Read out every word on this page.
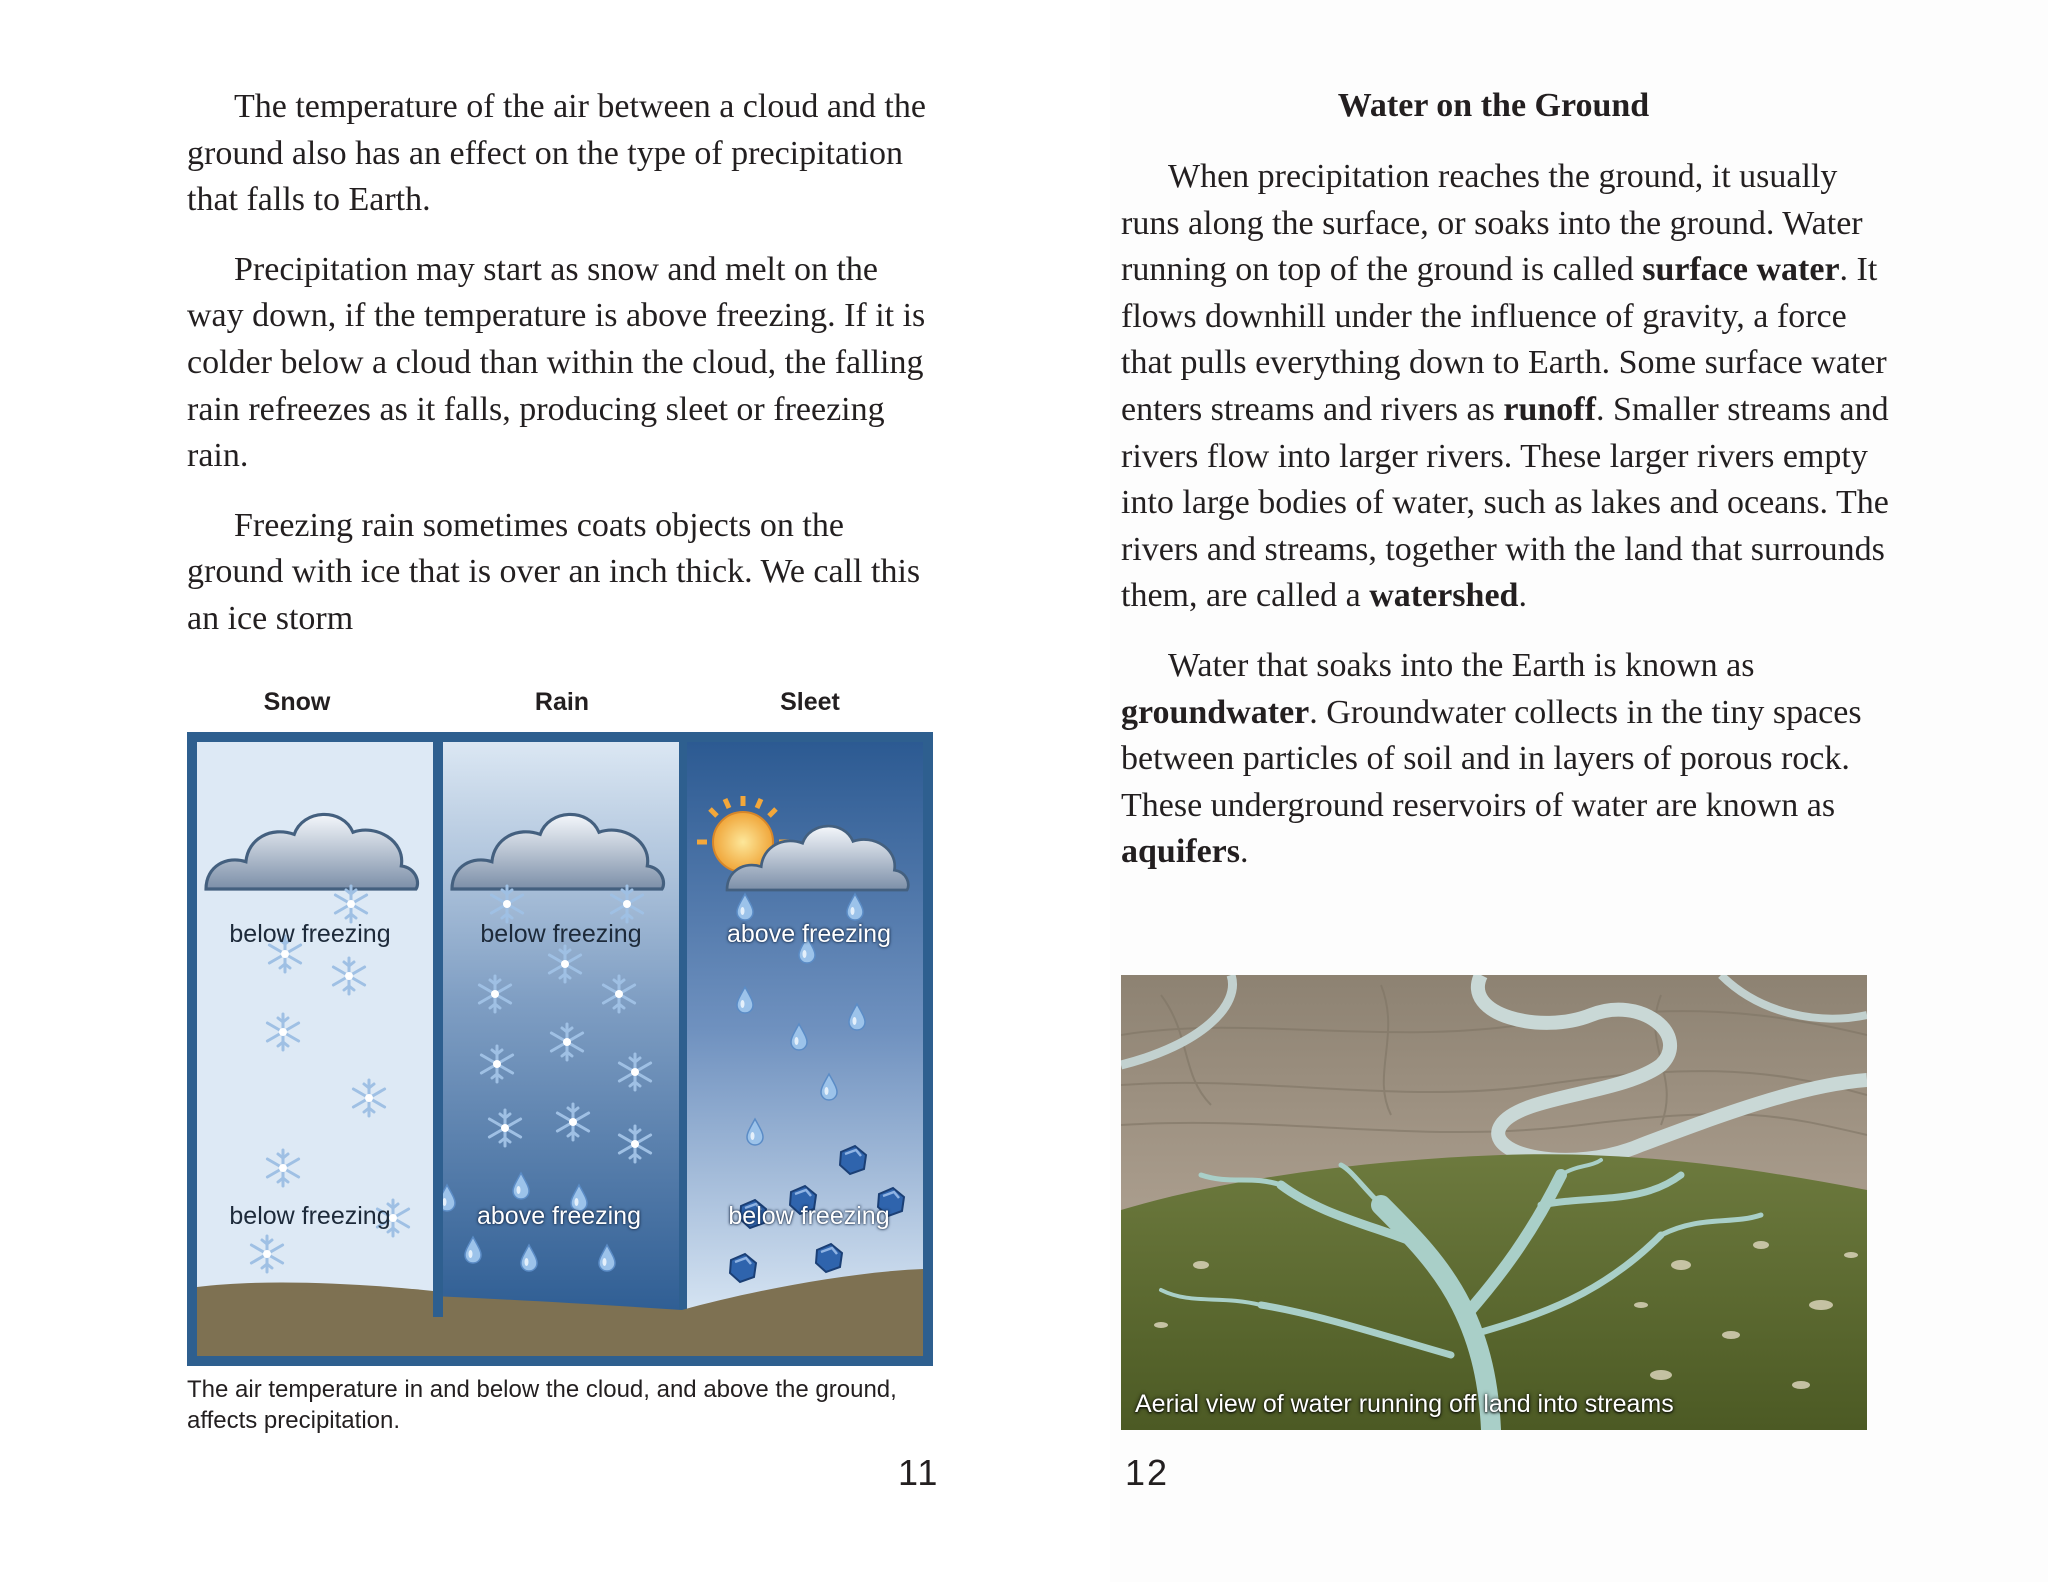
The temperature of the air between a cloud and the ground also has an effect on the type of precipitation that falls to Earth.

Precipitation may start as snow and melt on the way down, if the temperature is above freezing. If it is colder below a cloud than within the cloud, the falling rain refreezes as it falls, producing sleet or freezing rain.

Freezing rain sometimes coats objects on the ground with ice that is over an inch thick. We call this an ice storm

Snow	Rain	Sleet
below freezing
below freezing
below freezing
above freezing
above freezing
below freezing

The air temperature in and below the cloud, and above the ground, affects precipitation.

11
Water on the Ground

When precipitation reaches the ground, it usually runs along the surface, or soaks into the ground. Water running on top of the ground is called surface water. It flows downhill under the influence of gravity, a force that pulls everything down to Earth. Some surface water enters streams and rivers as runoff. Smaller streams and rivers flow into larger rivers. These larger rivers empty into large bodies of water, such as lakes and oceans. The rivers and streams, together with the land that surrounds them, are called a watershed.

Water that soaks into the Earth is known as groundwater. Groundwater collects in the tiny spaces between particles of soil and in layers of porous rock. These underground reservoirs of water are known as aquifers.

Aerial view of water running off land into streams
12
